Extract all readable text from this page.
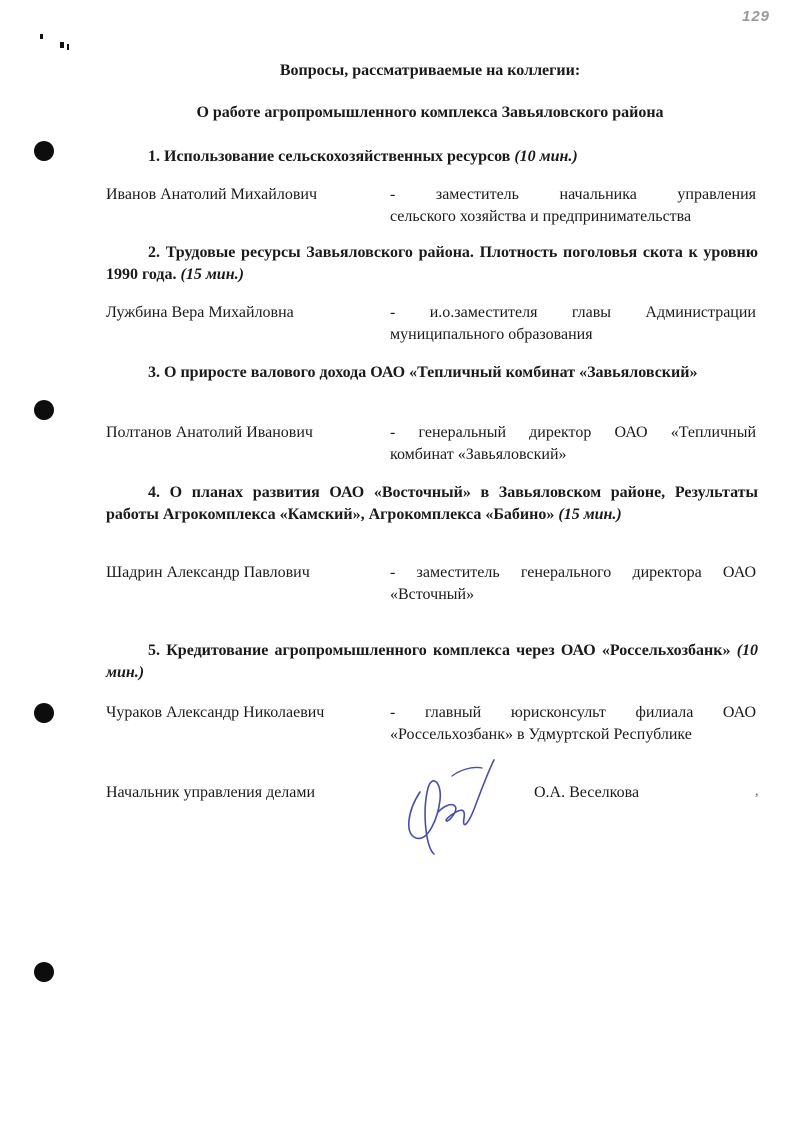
129
Вопросы, рассматриваемые на коллегии:
О работе агропромышленного комплекса Завьяловского района
1. Использование сельскохозяйственных ресурсов (10 мин.)
Иванов Анатолий Михайлович	- заместитель начальника управления
сельского хозяйства и предпринимательства
2. Трудовые ресурсы Завьяловского района. Плотность поголовья скота к уровню 1990 года. (15 мин.)
Лужбина Вера Михайловна	- и.о.заместителя главы Администрации
муниципального образования
3. О приросте валового дохода ОАО «Тепличный комбинат «Завьяловский»
Полтанов Анатолий Иванович	- генеральный директор ОАО «Тепличный
комбинат «Завьяловский»
4. О планах развития ОАО «Восточный» в Завьяловском районе, Результаты работы Агрокомплекса «Камский», Агрокомплекса «Бабино» (15 мин.)
Шадрин Александр Павлович	- заместитель генерального директора ОАО
«Всточный»
5. Кредитование агропромышленного комплекса через ОАО «Россельхозбанк» (10 мин.)
Чураков Александр Николаевич	- главный юрисконсульт филиала ОАО
«Россельхозбанк» в Удмуртской Республике
Начальник управления делами	О.А. Веселкова	,
